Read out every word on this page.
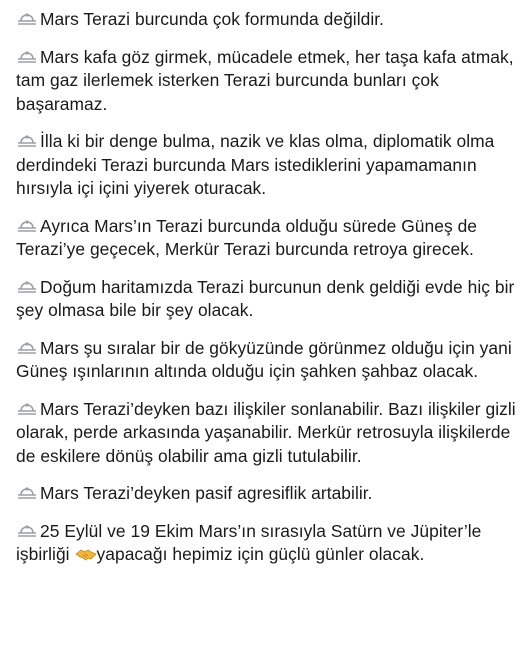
Mars Terazi burcunda çok formunda değildir.

Mars kafa göz girmek, mücadele etmek, her taşa kafa atmak, tam gaz ilerlemek isterken Terazi burcunda bunları çok başaramaz.

İlla ki bir denge bulma, nazik ve klas olma, diplomatik olma derdindeki Terazi burcunda Mars istediklerini yapamamanın hırsıyla içi içini yiyerek oturacak.

Ayrıca Mars’ın Terazi burcunda olduğu sürede Güneş de Terazi’ye geçecek, Merkür Terazi burcunda retroya girecek.

Doğum haritamızda Terazi burcunun denk geldiği evde hiç bir şey olmasa bile bir şey olacak.

Mars şu sıralar bir de gökyüzünde görünmez olduğu için yani Güneş ışınlarının altında olduğu için şahken şahbaz olacak.

Mars Terazi’deyken bazı ilişkiler sonlanabilir. Bazı ilişkiler gizli olarak, perde arkasında yaşanabilir. Merkür retrosuyla ilişkilerde de eskilere dönüş olabilir ama gizli tutulabilir.

Mars Terazi’deyken pasif agresiflik artabilir.

25 Eylül ve 19 Ekim Mars’ın sırasıyla Satürn ve Jüpiter’le işbirliği yapacağı hepimiz için güçlü günler olacak.
